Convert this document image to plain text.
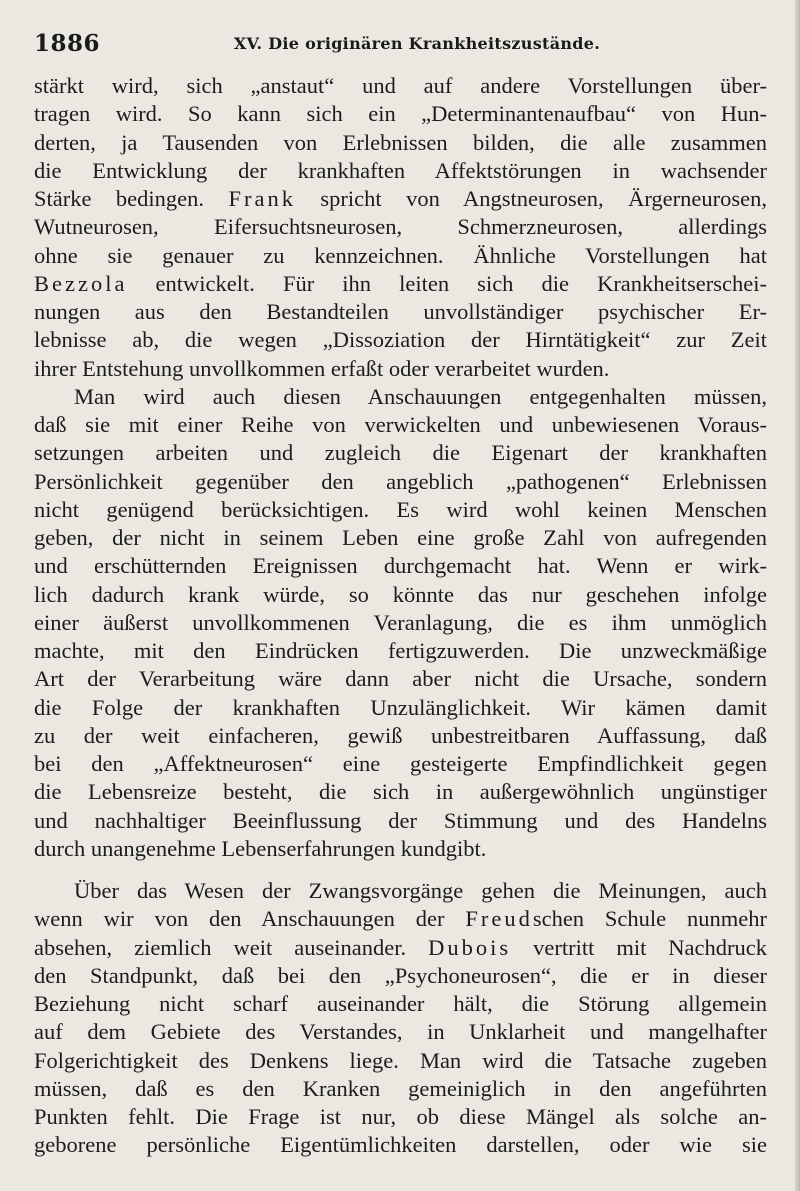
1886	XV. Die originären Krankheitszustände.
stärkt wird, sich „anstaut“ und auf andere Vorstellungen über-
tragen wird. So kann sich ein „Determinantenaufbau“ von Hun-
derten, ja Tausenden von Erlebnissen bilden, die alle zusammen
die Entwicklung der krankhaften Affektstörungen in wachsender
Stärke bedingen. Frank spricht von Angstneurosen, Ärgerneurosen,
Wutneurosen, Eifersuchtsneurosen, Schmerzneurosen, allerdings
ohne sie genauer zu kennzeichnen. Ähnliche Vorstellungen hat
Bezzola entwickelt. Für ihn leiten sich die Krankheitserschei-
nungen aus den Bestandteilen unvollständiger psychischer Er-
lebnisse ab, die wegen „Dissoziation der Hirntätigkeit“ zur Zeit
ihrer Entstehung unvollkommen erfaßt oder verarbeitet wurden.
Man wird auch diesen Anschauungen entgegenhalten müssen,
daß sie mit einer Reihe von verwickelten und unbewiesenen Voraus-
setzungen arbeiten und zugleich die Eigenart der krankhaften
Persönlichkeit gegenüber den angeblich „pathogenen“ Erlebnissen
nicht genügend berücksichtigen. Es wird wohl keinen Menschen
geben, der nicht in seinem Leben eine große Zahl von aufregenden
und erschütternden Ereignissen durchgemacht hat. Wenn er wirk-
lich dadurch krank würde, so könnte das nur geschehen infolge
einer äußerst unvollkommenen Veranlagung, die es ihm unmöglich
machte, mit den Eindrücken fertigzuwerden. Die unzweckmäßige
Art der Verarbeitung wäre dann aber nicht die Ursache, sondern
die Folge der krankhaften Unzulänglichkeit. Wir kämen damit
zu der weit einfacheren, gewiß unbestreitbaren Auffassung, daß
bei den „Affektneurosen“ eine gesteigerte Empfindlichkeit gegen
die Lebensreize besteht, die sich in außergewöhnlich ungünstiger
und nachhaltiger Beeinflussung der Stimmung und des Handelns
durch unangenehme Lebenserfahrungen kundgibt.
Über das Wesen der Zwangsvorgänge gehen die Meinungen, auch
wenn wir von den Anschauungen der Freudschen Schule nunmehr
absehen, ziemlich weit auseinander. Dubois vertritt mit Nachdruck
den Standpunkt, daß bei den „Psychoneurosen“, die er in dieser
Beziehung nicht scharf auseinander hält, die Störung allgemein
auf dem Gebiete des Verstandes, in Unklarheit und mangelhafter
Folgerichtigkeit des Denkens liege. Man wird die Tatsache zugeben
müssen, daß es den Kranken gemeiniglich in den angeführten
Punkten fehlt. Die Frage ist nur, ob diese Mängel als solche an-
geborene persönliche Eigentümlichkeiten darstellen, oder wie sie
